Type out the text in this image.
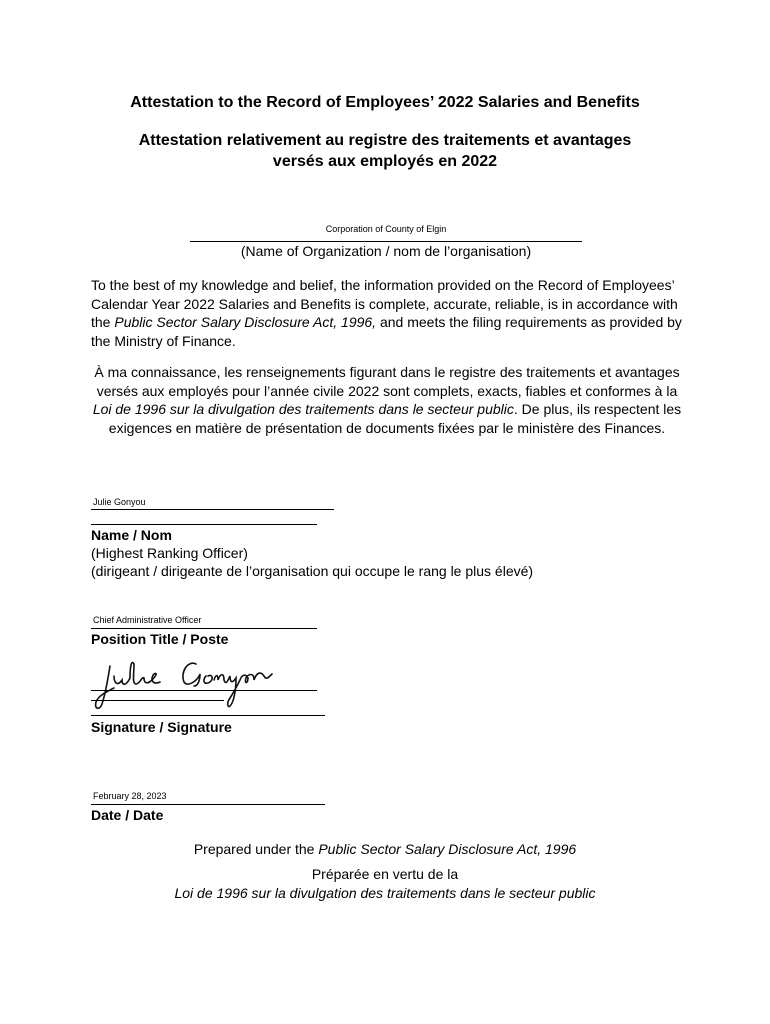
Attestation to the Record of Employees’ 2022 Salaries and Benefits
Attestation relativement au registre des traitements et avantages
versés aux employés en 2022
Corporation of County of Elgin
(Name of Organization / nom de l’organisation)
To the best of my knowledge and belief, the information provided on the Record of Employees’ Calendar Year 2022 Salaries and Benefits is complete, accurate, reliable, is in accordance with the Public Sector Salary Disclosure Act, 1996, and meets the filing requirements as provided by the Ministry of Finance.
À ma connaissance, les renseignements figurant dans le registre des traitements et avantages versés aux employés pour l’année civile 2022 sont complets, exacts, fiables et conformes à la Loi de 1996 sur la divulgation des traitements dans le secteur public. De plus, ils respectent les exigences en matière de présentation de documents fixées par le ministère des Finances.
Julie Gonyou
Name / Nom
(Highest Ranking Officer)
(dirigeant / dirigeante de l’organisation qui occupe le rang le plus élevé)
Chief Administrative Officer
Position Title / Poste
Signature / Signature
February 28, 2023
Date / Date
Prepared under the Public Sector Salary Disclosure Act, 1996
Préparée en vertu de la
Loi de 1996 sur la divulgation des traitements dans le secteur public
